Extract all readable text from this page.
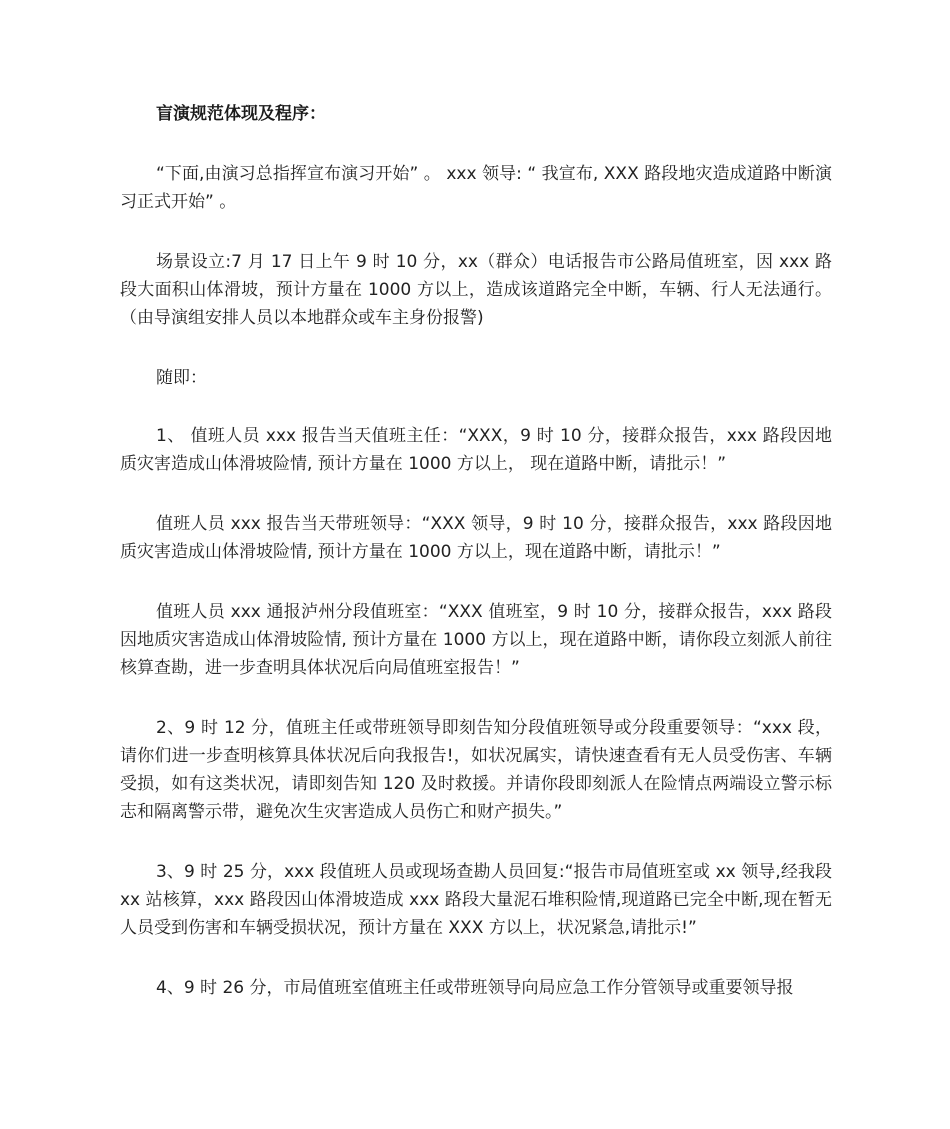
盲演规范体现及程序：

“下面,由演习总指挥宣布演习开始” 。 xxx 领导: “ 我宣布, XXX 路段地灾造成道路中断演习正式开始” 。

场景设立:7 月 17 日上午 9 时 10 分，xx（群众）电话报告市公路局值班室，因 xxx 路段大面积山体滑坡，预计方量在 1000 方以上，造成该道路完全中断，车辆、行人无法通行。（由导演组安排人员以本地群众或车主身份报警)

随即：

1、 值班人员 xxx 报告当天值班主任：“XXX，9 时 10 分，接群众报告，xxx 路段因地质灾害造成山体滑坡险情, 预计方量在 1000 方以上， 现在道路中断，请批示！”

值班人员 xxx 报告当天带班领导：“XXX 领导，9 时 10 分，接群众报告，xxx 路段因地质灾害造成山体滑坡险情, 预计方量在 1000 方以上，现在道路中断，请批示！”

值班人员 xxx 通报泸州分段值班室：“XXX 值班室，9 时 10 分，接群众报告，xxx 路段因地质灾害造成山体滑坡险情, 预计方量在 1000 方以上，现在道路中断，请你段立刻派人前往核算查勘，进一步查明具体状况后向局值班室报告！”

2、9 时 12 分，值班主任或带班领导即刻告知分段值班领导或分段重要领导：“xxx 段，请你们进一步查明核算具体状况后向我报告!，如状况属实，请快速查看有无人员受伤害、车辆受损，如有这类状况，请即刻告知 120 及时救援。并请你段即刻派人在险情点两端设立警示标志和隔离警示带，避免次生灾害造成人员伤亡和财产损失。”

3、9 时 25 分，xxx 段值班人员或现场查勘人员回复:“报告市局值班室或 xx 领导,经我段 xx 站核算，xxx 路段因山体滑坡造成 xxx 路段大量泥石堆积险情,现道路已完全中断,现在暂无人员受到伤害和车辆受损状况，预计方量在 XXX 方以上，状况紧急,请批示!”

4、9 时 26 分，市局值班室值班主任或带班领导向局应急工作分管领导或重要领导报
